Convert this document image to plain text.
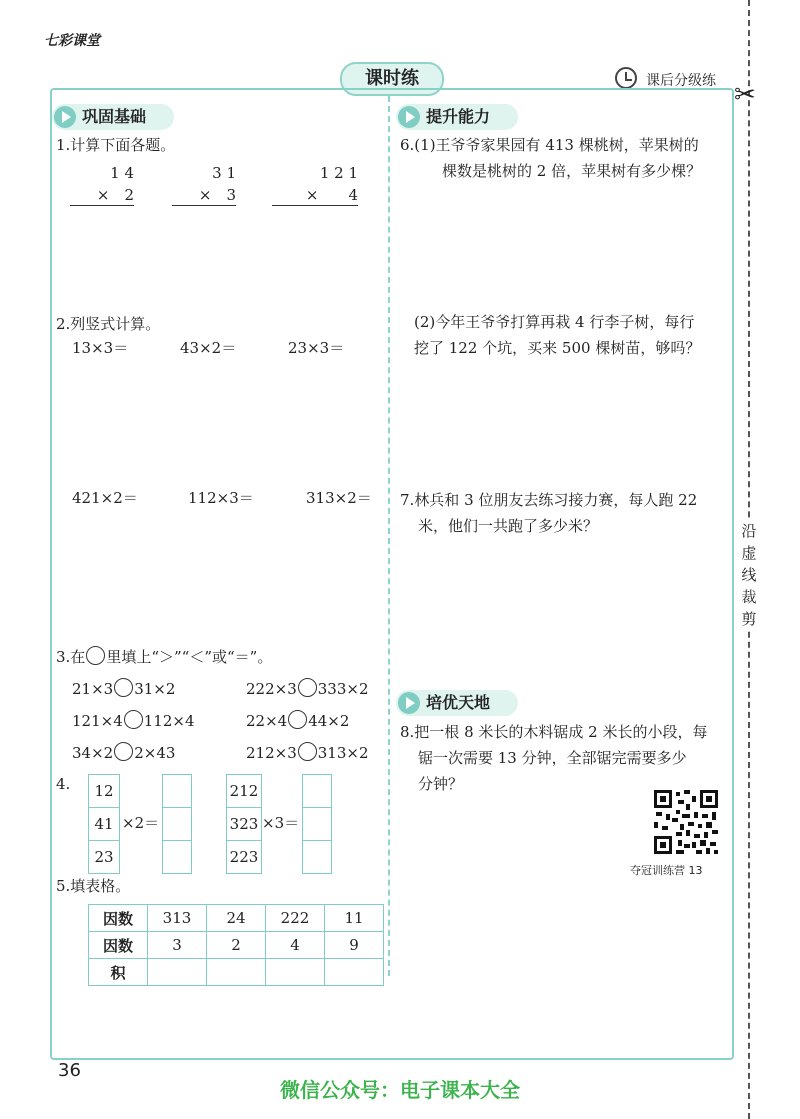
七彩课堂
✂
沿虚线裁剪
课时练	课后分级练
巩固基础
1.计算下面各题。
1 4
×　2
3 1
×　3
1 2 1
×　　4
2.列竖式计算。
13×3＝	43×2＝	23×3＝
421×2＝	112×3＝	313×2＝
3.在 里填上“＞”“＜”或“＝”。
21×3 31×2	222×3 333×2
121×4 112×4	22×4 44×2
34×2 2×43	212×3 313×2
4.	12
41
23
×2＝
212
323
223
×3＝
5.填表格。
因数	313	24	222	11
因数	3	2	4	9
积				
提升能力
6.(1)王爷爷家果园有 413 棵桃树，苹果树的
棵数是桃树的 2 倍，苹果树有多少棵？
(2)今年王爷爷打算再栽 4 行李子树，每行
挖了 122 个坑，买来 500 棵树苗，够吗？
7.林兵和 3 位朋友去练习接力赛，每人跑 22
米，他们一共跑了多少米？
培优天地
8.把一根 8 米长的木料锯成 2 米长的小段，每
锯一次需要 13 分钟，全部锯完需要多少
分钟？
夺冠训练营 13
36
微信公众号：电子课本大全
